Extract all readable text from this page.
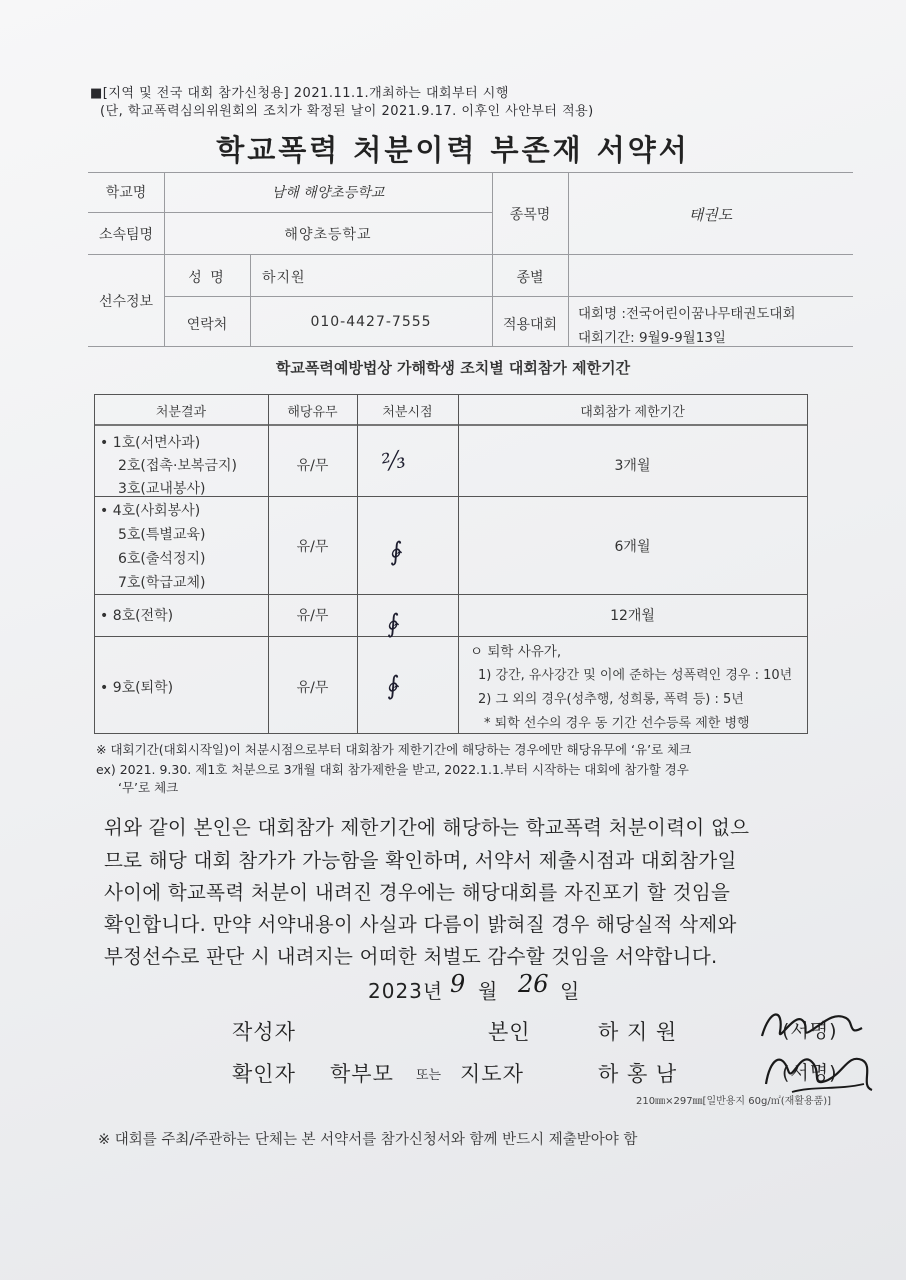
■[지역 및 전국 대회 참가신청용] 2021.11.1.개최하는 대회부터 시행
(단, 학교폭력심의위원회의 조치가 확정된 날이 2021.9.17. 이후인 사안부터 적용)
학교폭력 처분이력 부존재 서약서
학교명	남해 해양초등학교
소속팀명	해양초등학교
종목명	태권도
선수정보
성 명	하지원	종별
연락처	010-4427-7555	적용대회
대회명 :전국어린이꿈나무태권도대회
대회기간: 9월9-9월13일
학교폭력예방법상 가해학생 조치별 대회참가 제한기간
처분결과	해당유무	처분시점	대회참가 제한기간
• 1호(서면사과)
2호(접촉·보복금지)
3호(교내봉사)
유/무	⅔	3개월
• 4호(사회봉사)
5호(특별교육)
6호(출석정지)
7호(학급교체)
유/무	∳	6개월
• 8호(전학)	유/무	∳	12개월
• 9호(퇴학)	유/무	∳
ㅇ 퇴학 사유가,
1) 강간, 유사강간 및 이에 준하는 성폭력인 경우 : 10년
2) 그 외의 경우(성추행, 성희롱, 폭력 등) : 5년
* 퇴학 선수의 경우 동 기간 선수등록 제한 병행
※ 대회기간(대회시작일)이 처분시점으로부터 대회참가 제한기간에 해당하는 경우에만 해당유무에 ‘유’로 체크
ex) 2021. 9.30. 제1호 처분으로 3개월 대회 참가제한을 받고, 2022.1.1.부터 시작하는 대회에 참가할 경우
‘무’로 체크
위와 같이 본인은 대회참가 제한기간에 해당하는 학교폭력 처분이력이 없으
므로 해당 대회 참가가 가능함을 확인하며, 서약서 제출시점과 대회참가일
사이에 학교폭력 처분이 내려진 경우에는 해당대회를 자진포기 할 것임을
확인합니다. 만약 서약내용이 사실과 다름이 밝혀질 경우 해당실적 삭제와
부정선수로 판단 시 내려지는 어떠한 처벌도 감수할 것임을 서약합니다.
2023년 9 월 26 일
작성자	본인	하 지 원	(서명)
확인자 학부모 또는 지도자	하 홍 남	(서명)
210㎜×297㎜[일반용지 60g/㎡(재활용품)]
※ 대회를 주최/주관하는 단체는 본 서약서를 참가신청서와 함께 반드시 제출받아야 함
